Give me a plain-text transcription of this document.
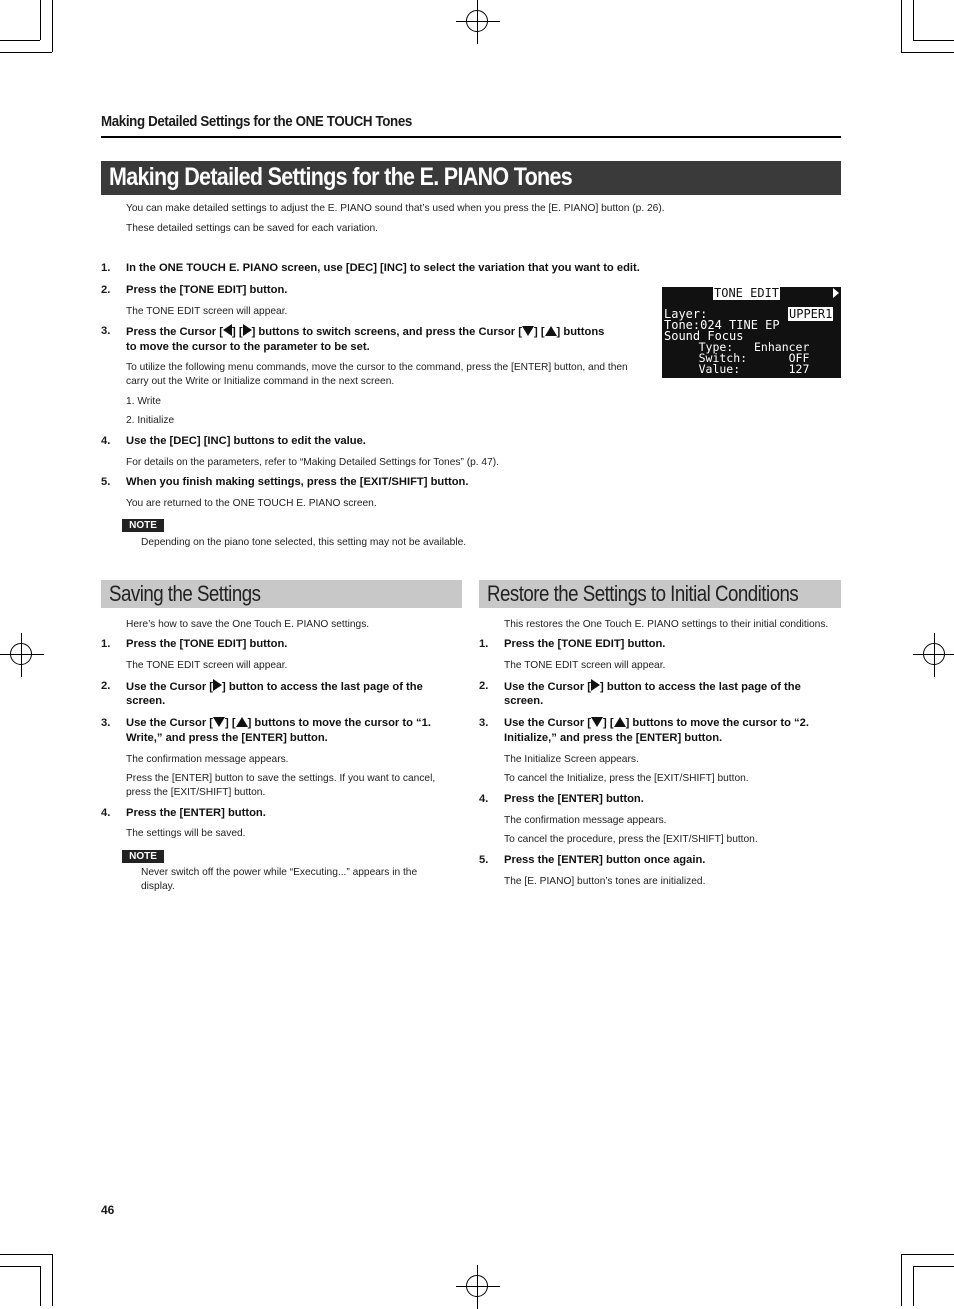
Making Detailed Settings for the ONE TOUCH Tones
Making Detailed Settings for the E. PIANO Tones
You can make detailed settings to adjust the E. PIANO sound that’s used when you press the [E. PIANO] button (p. 26).
These detailed settings can be saved for each variation.
1. In the ONE TOUCH E. PIANO screen, use [DEC] [INC] to select the variation that you want to edit.
2. Press the [TONE EDIT] button.
The TONE EDIT screen will appear.
3. Press the Cursor [ ] [ ] buttons to switch screens, and press the Cursor [ ] [ ] buttons
to move the cursor to the parameter to be set.
To utilize the following menu commands, move the cursor to the command, press the [ENTER] button, and then carry out the Write or Initialize command in the next screen.
1. Write
2. Initialize
4. Use the [DEC] [INC] buttons to edit the value.
For details on the parameters, refer to “Making Detailed Settings for Tones” (p. 47).
5. When you finish making settings, press the [EXIT/SHIFT] button.
You are returned to the ONE TOUCH E. PIANO screen.
NOTE
Depending on the piano tone selected, this setting may not be available.
TONE EDIT
Layer:	UPPER1
Tone:024 TINE EP
Sound Focus
Type:   Enhancer
Switch:      OFF
Value:       127
Saving the Settings
Here’s how to save the One Touch E. PIANO settings.
1. Press the [TONE EDIT] button.
The TONE EDIT screen will appear.
2. Use the Cursor [ ] button to access the last page of the
screen.
3. Use the Cursor [ ] [ ] buttons to move the cursor to “1.
Write,” and press the [ENTER] button.
The confirmation message appears.
Press the [ENTER] button to save the settings. If you want to cancel, press the [EXIT/SHIFT] button.
4. Press the [ENTER] button.
The settings will be saved.
NOTE
Never switch off the power while “Executing...” appears in the display.
Restore the Settings to Initial Conditions
This restores the One Touch E. PIANO settings to their initial conditions.
1. Press the [TONE EDIT] button.
The TONE EDIT screen will appear.
2. Use the Cursor [ ] button to access the last page of the
screen.
3. Use the Cursor [ ] [ ] buttons to move the cursor to “2.
Initialize,” and press the [ENTER] button.
The Initialize Screen appears.
To cancel the Initialize, press the [EXIT/SHIFT] button.
4. Press the [ENTER] button.
The confirmation message appears.
To cancel the procedure, press the [EXIT/SHIFT] button.
5. Press the [ENTER] button once again.
The [E. PIANO] button’s tones are initialized.
46
